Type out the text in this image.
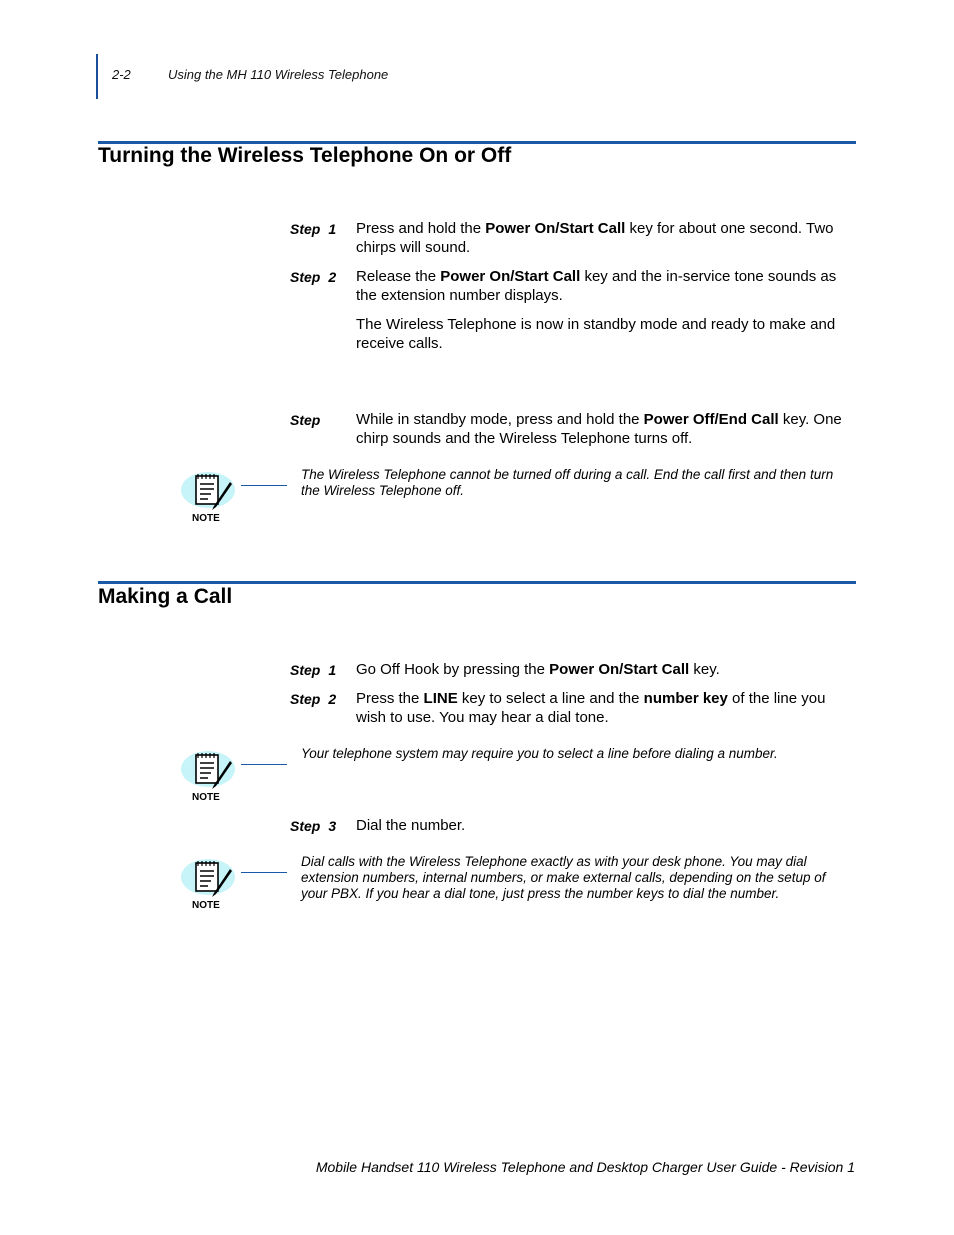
2-2	Using the MH 110 Wireless Telephone
Turning the Wireless Telephone On or Off
Step 1 Press and hold the Power On/Start Call key for about one second. Two chirps will sound.
Step 2 Release the Power On/Start Call key and the in-service tone sounds as the extension number displays.
The Wireless Telephone is now in standby mode and ready to make and receive calls.
Step While in standby mode, press and hold the Power Off/End Call key. One chirp sounds and the Wireless Telephone turns off.
NOTE
The Wireless Telephone cannot be turned off during a call. End the call first and then turn the Wireless Telephone off.
Making a Call
Step 1 Go Off Hook by pressing the Power On/Start Call key.
Step 2 Press the LINE key to select a line and the number key of the line you wish to use. You may hear a dial tone.
NOTE
Your telephone system may require you to select a line before dialing a number.
Step 3 Dial the number.
NOTE
Dial calls with the Wireless Telephone exactly as with your desk phone. You may dial extension numbers, internal numbers, or make external calls, depending on the setup of your PBX. If you hear a dial tone, just press the number keys to dial the number.
Mobile Handset 110 Wireless Telephone and Desktop Charger User Guide - Revision 1
